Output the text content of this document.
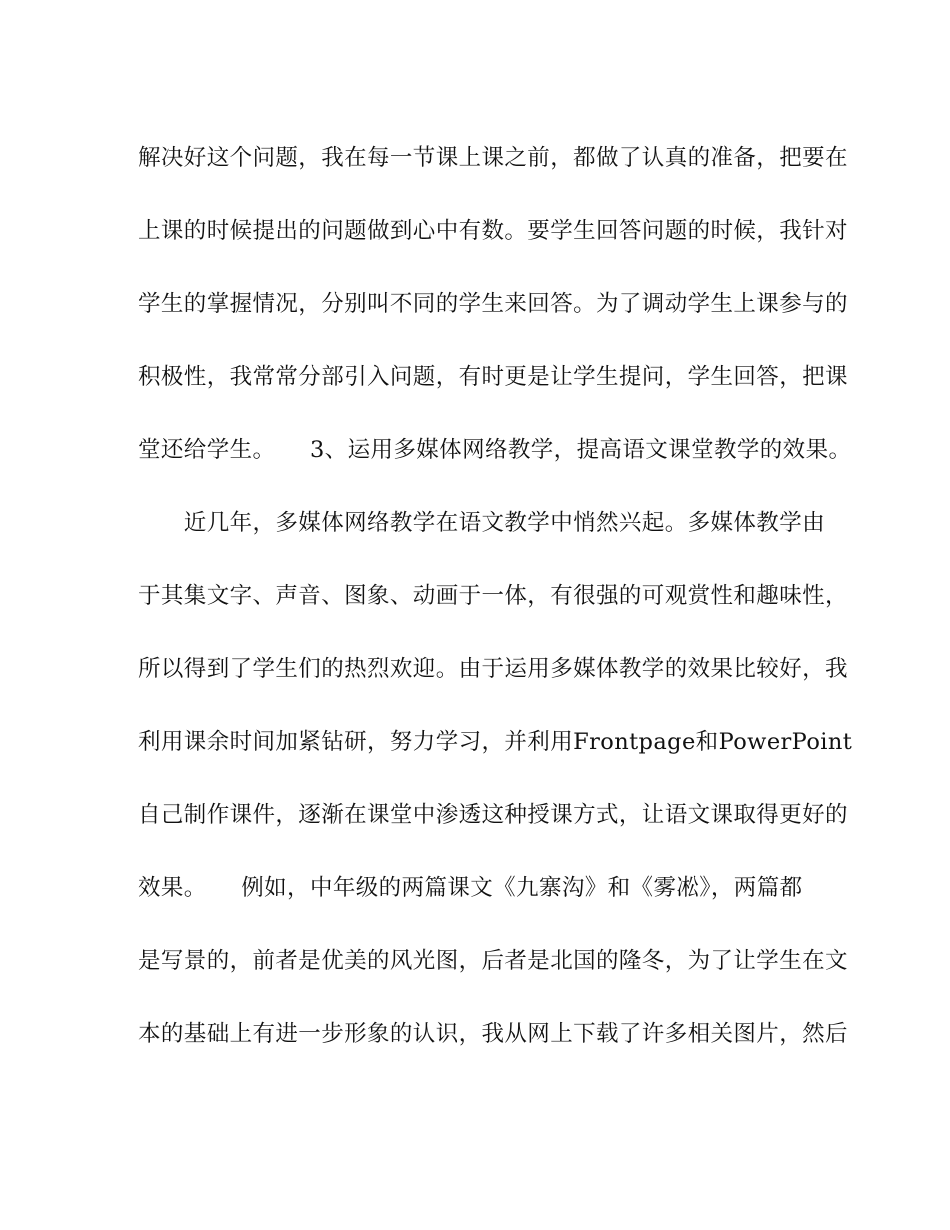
解决好这个问题，我在每一节课上课之前，都做了认真的准备，把要在
上课的时候提出的问题做到心中有数。要学生回答问题的时候，我针对
学生的掌握情况，分别叫不同的学生来回答。为了调动学生上课参与的
积极性，我常常分部引入问题，有时更是让学生提问，学生回答，把课
堂还给学生。　　3、运用多媒体网络教学，提高语文课堂教学的效果。
　　近几年，多媒体网络教学在语文教学中悄然兴起。多媒体教学由
于其集文字、声音、图象、动画于一体，有很强的可观赏性和趣味性，
所以得到了学生们的热烈欢迎。由于运用多媒体教学的效果比较好，我
利用课余时间加紧钻研，努力学习，并利用Frontpage和PowerPoint
自己制作课件，逐渐在课堂中渗透这种授课方式，让语文课取得更好的
效果。　　例如，中年级的两篇课文《九寨沟》和《雾凇》，两篇都
是写景的，前者是优美的风光图，后者是北国的隆冬，为了让学生在文
本的基础上有进一步形象的认识，我从网上下载了许多相关图片，然后
